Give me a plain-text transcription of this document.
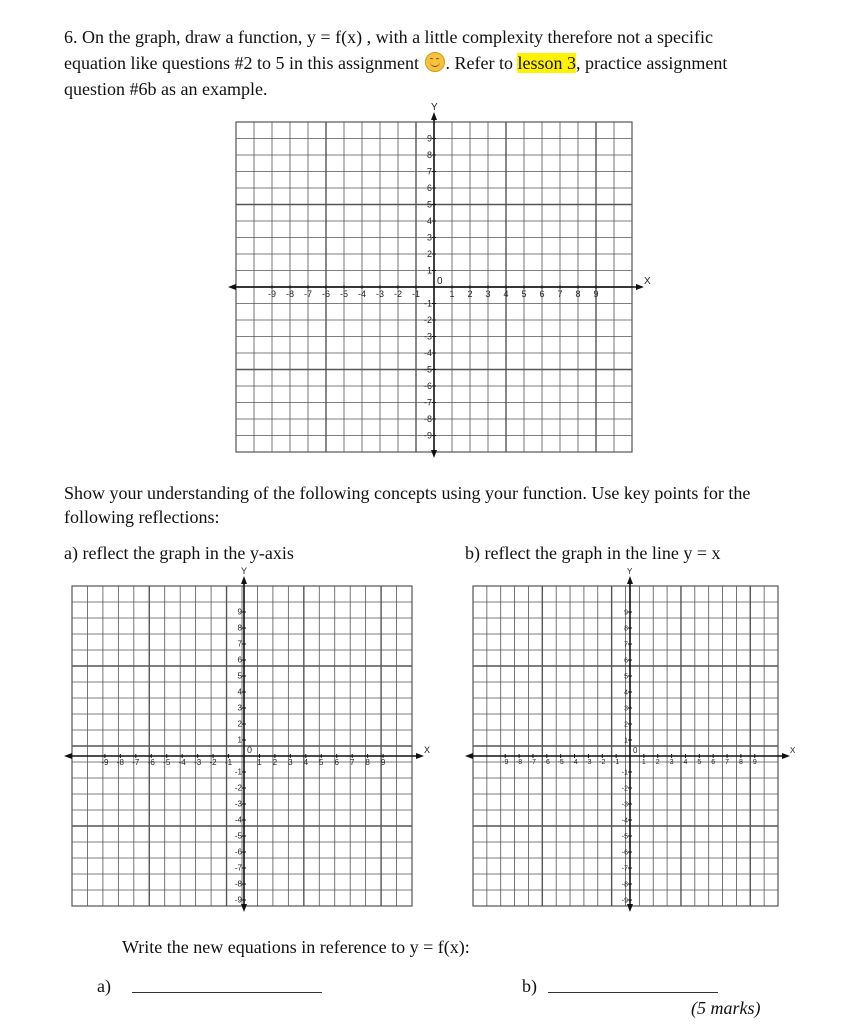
6. On the graph, draw a function, y = f(x) , with a little complexity therefore not a specific
equation like questions #2 to 5 in this assignment . Refer to lesson 3, practice assignment
question #6b as an example.
X
Y
0
-9 -8 -7 -6 -5 -4 -3 -2 -1	1 2 3 4 5 6 7 8 9
9
8
7
6
5
4
3
2
1
-1
-2
-3
-4
-5
-6
-7
-8
-9
Show your understanding of the following concepts using your function. Use key points for the
following reflections:
a) reflect the graph in the y-axis	b) reflect the graph in the line y = x
X
Y
0
-9 -8 -7 -6 -5 -4 -3 -2 -1	1 2 3 4 5 6 7 8 9
9
8
7
6
5
4
3
2
1
-1
-2
-3
-4
-5
-6
-7
-8
-9
X
Y
0
-9 -8 -7 -6 -5 -4 -3 -2 -1	1 2 3 4 5 6 7 8 9
9
8
7
6
5
4
3
2
1
-1
-2
-3
-4
-5
-6
-7
-8
-9
Write the new equations in reference to y = f(x):
a)	b)
(5 marks)
